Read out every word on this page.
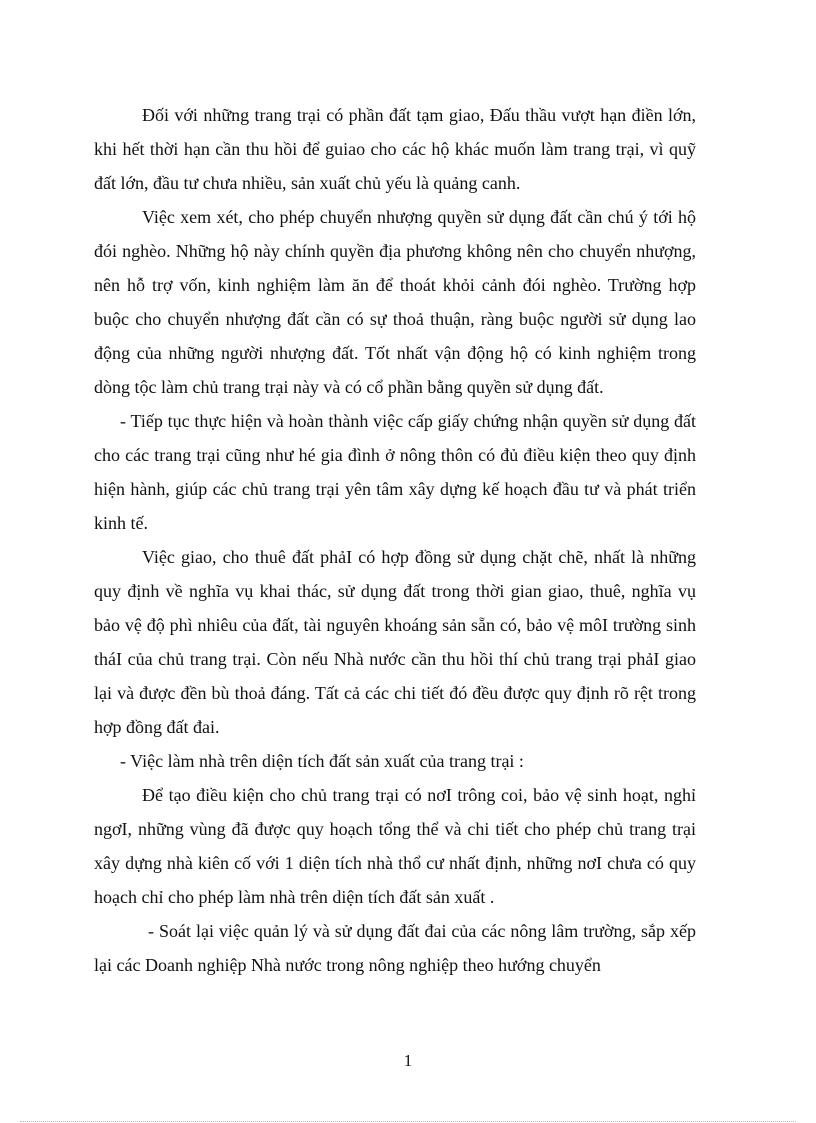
Đối với những trang trại có phần đất tạm giao, Đấu thầu vượt hạn điền lớn, khi hết thời hạn cần thu hồi để guiao cho các hộ khác muốn làm trang trại, vì quỹ đất lớn, đầu tư chưa nhiều, sản xuất chủ yếu là quảng canh.

Việc xem xét, cho phép chuyển nhượng quyền sử dụng đất cần chú ý tới hộ đói nghèo. Những hộ này chính quyền địa phương không nên cho chuyển nhượng, nên hỗ trợ vốn, kinh nghiệm làm ăn để thoát khỏi cảnh đói nghèo. Trường hợp buộc cho chuyển nhượng đất cần có sự thoả thuận, ràng buộc người sử dụng lao động của những người nhượng đất. Tốt nhất vận động hộ có kinh nghiệm trong dòng tộc làm chủ trang trại này và có cổ phần bằng quyền sử dụng đất.

- Tiếp tục thực hiện và hoàn thành việc cấp giấy chứng nhận quyền sử dụng đất cho các trang trại cũng như hé gia đình ở nông thôn có đủ điều kiện theo quy định hiện hành, giúp các chủ trang trại yên tâm xây dựng kế hoạch đầu tư và phát triển kinh tế.

Việc giao, cho thuê đất phảI có hợp đồng sử dụng chặt chẽ, nhất là những quy định về nghĩa vụ khai thác, sử dụng đất trong thời gian giao, thuê, nghĩa vụ bảo vệ độ phì nhiêu của đất, tài nguyên khoáng sản sẵn có, bảo vệ môI trường sinh tháI của chủ trang trại. Còn nếu Nhà nước cần thu hồi thí chủ trang trại phảI giao lại và được đền bù thoả đáng. Tất cả các chi tiết đó đều được quy định rõ rệt trong hợp đồng đất đai.

- Việc làm nhà trên diện tích đất sản xuất của trang trại :

Để tạo điều kiện cho chủ trang trại có nơI trông coi, bảo vệ sinh hoạt, nghỉ ngơI, những vùng đã được quy hoạch tổng thể và chi tiết cho phép chủ trang trại xây dựng nhà kiên cố với 1 diện tích nhà thổ cư nhất định, những nơI chưa có quy hoạch chỉ cho phép làm nhà trên diện tích đất sản xuất .

- Soát lại việc quản lý và sử dụng đất đai của các nông lâm trường, sắp xếp lại các Doanh nghiệp Nhà nước trong nông nghiệp theo hướng chuyển

1
